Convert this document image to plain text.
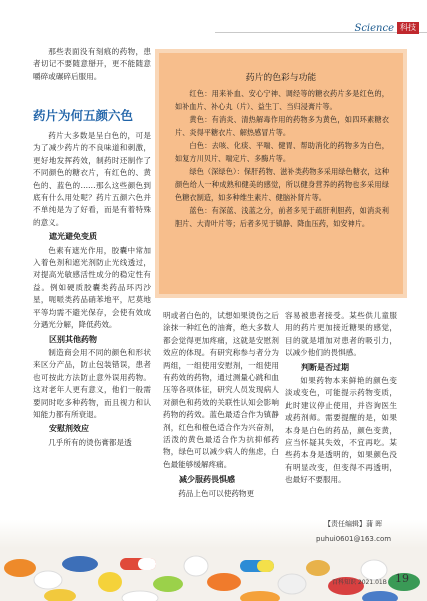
Science 科技

那些表面没有刻痕的药物，患者切记不要随意掰开，更不能随意嚼碎或碾碎后服用。

药片为何五颜六色

药片大多数是呈白色的，可是为了减少药片的不良味道和刺激，更好地发挥药效，制药时还制作了不同颜色的糖衣片，有红色的、黄色的、蓝色的……那么这些颜色到底有什么用处呢？药片五颜六色并不单纯是为了好看，而是有着特殊的意义。

遮光避免变质

色素有遮光作用，胶囊中常加入着色剂和遮光剂防止光线透过，对提高光敏感活性成分的稳定性有益。例如硬质胶囊类药品环丙沙星，呃哌类药品硝苯地平，尼莫地平等均需不避光保存，会使有效成分遇光分解，降低药效。

区别其他药物

制造商会用不同的颜色和形状来区分产品，防止包装错误，患者也可按此方法防止意外误用药物。这对老年人更有意义，他们一般需要同时吃多种药物，而且视力和认知能力都有所衰退。

安慰剂效应

几乎所有的烫伤膏都是透

药片的色彩与功能

红色：用来补血、安心宁神、调经等的糖衣药片多是红色的，如补血片、补心丸（片）、益生丁、当归浸膏片等。

黄色：有消炎、清热解毒作用的药物多为黄色，如四环素糖衣片、炎得平糖衣片、解热感冒片等。

白色：去咳、化痰、平喘、健胃、帮助消化的药物多为白色，如复方川贝片、喘定片、多酶片等。

绿色（深绿色）：保肝药物、滋补类药物多采用绿色糖衣，这种颜色给人一种成熟和健美的感觉，所以健身营养的药物也多采用绿色糖衣制造，如多种维生素片、健脑补肾片等。

蓝色：有深蓝、浅蓝之分，前者多见于疏肝利胆药，如消炎利胆片、大青叶片等；后者多见于镇静、降血压药，如安神片。

明或者白色的，试想如果烫伤之后涂抹一种红色的油膏，绝大多数人都会觉得更加疼痛，这就是安慰剂效应的体现。有研究称参与者分为两组，一组使用安慰剂，一组使用有药效的药物，通过测量心跳和血压等各项体征，研究人员发现病人对颜色和药效的关联性认知会影响药物的药效。蓝色最适合作为镇静剂，红色和橙色适合作为兴奋剂，活泼的黄色最适合作为抗抑郁药物，绿色可以减少病人的焦虑，白色最能够缓解疼痛。

减少服药畏惧感

药品上色可以使药物更

容易被患者接受。某些供儿童服用的药片更加接近糖果的感觉，目的就是增加对患者的吸引力，以减少他们的畏惧感。

判断是否过期

如果药物本来鲜艳的颜色变淡或变色，可能提示药物变质，此时建议停止使用，并咨询医生或药剂师。需要提醒的是，如果本身是白色的药品，颜色变黄，应当怀疑其失效，不宜再吃。某些药本身是透明的，如果颜色没有明显改变，但变得不再透明，也最好不要服用。

【责任编辑】蒲 晖
puhui0601@163.com
百科知识 2021.01B 19
